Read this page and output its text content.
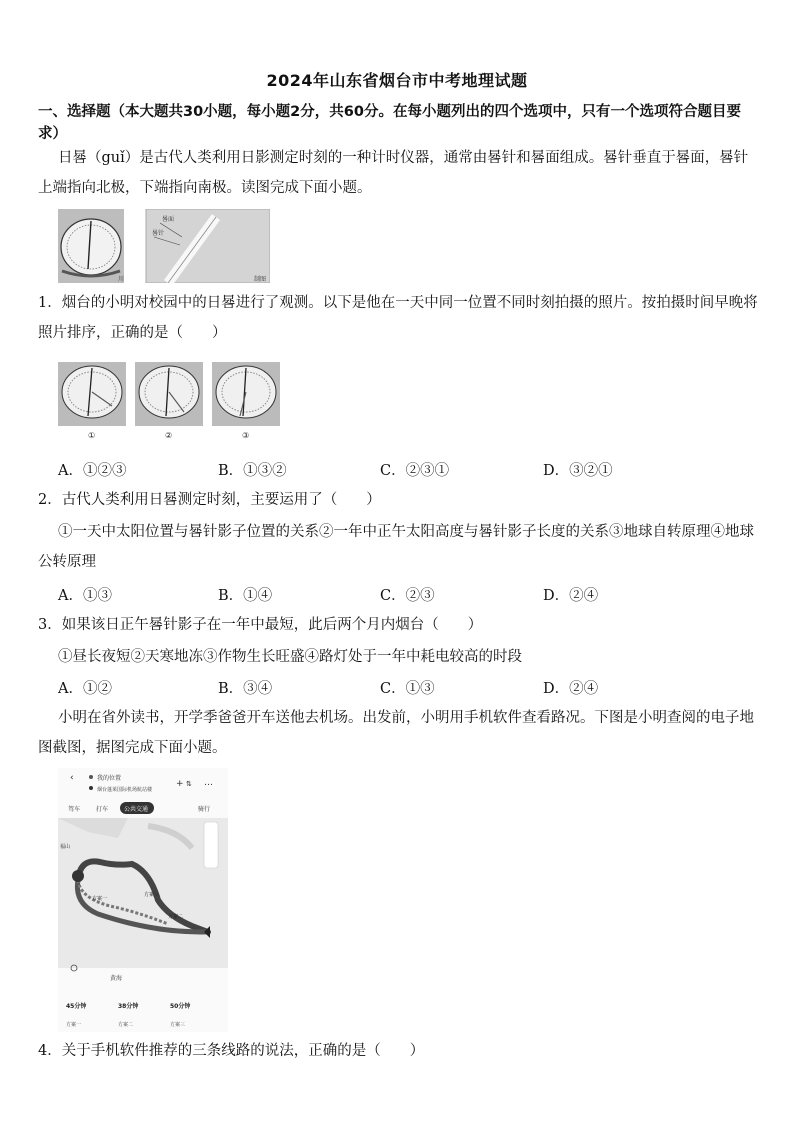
2024年山东省烟台市中考地理试题
一、选择题（本大题共30小题，每小题2分，共60分。在每小题列出的四个选项中，只有一个选项符合题目要求）
日晷（guǐ）是古代人类利用日影测定时刻的一种计时仪器，通常由晷针和晷面组成。晷针垂直于晷面，晷针上端指向北极，下端指向南极。读图完成下面小题。
川
晷面
晷针
制图
1．烟台的小明对校园中的日晷进行了观测。以下是他在一天中同一位置不同时刻拍摄的照片。按拍摄时间早晚将照片排序，正确的是（　　）
①	②	③
A．①②③	B．①③②	C．②③①	D．③②①
2．古代人类利用日晷测定时刻，主要运用了（　　）
①一天中太阳位置与晷针影子位置的关系②一年中正午太阳高度与晷针影子长度的关系③地球自转原理④地球公转原理
A．①③	B．①④	C．②③	D．②④
3．如果该日正午晷针影子在一年中最短，此后两个月内烟台（　　）
①昼长夜短②天寒地冻③作物生长旺盛④路灯处于一年中耗电较高的时段
A．①②	B．③④	C．①③	D．②④
小明在省外读书，开学季爸爸开车送他去机场。出发前，小明用手机软件查看路况。下图是小明查阅的电子地图截图，据图完成下面小题。
‹	我的位置
烟台蓬莱国际机场航站楼
+ ⇅ …
驾车	打车	公共交通	骑行
福山
方案一
方案二
方案三
黄海
45分钟
方案一
38分钟
方案二
50分钟
方案三
4．关于手机软件推荐的三条线路的说法，正确的是（　　）
